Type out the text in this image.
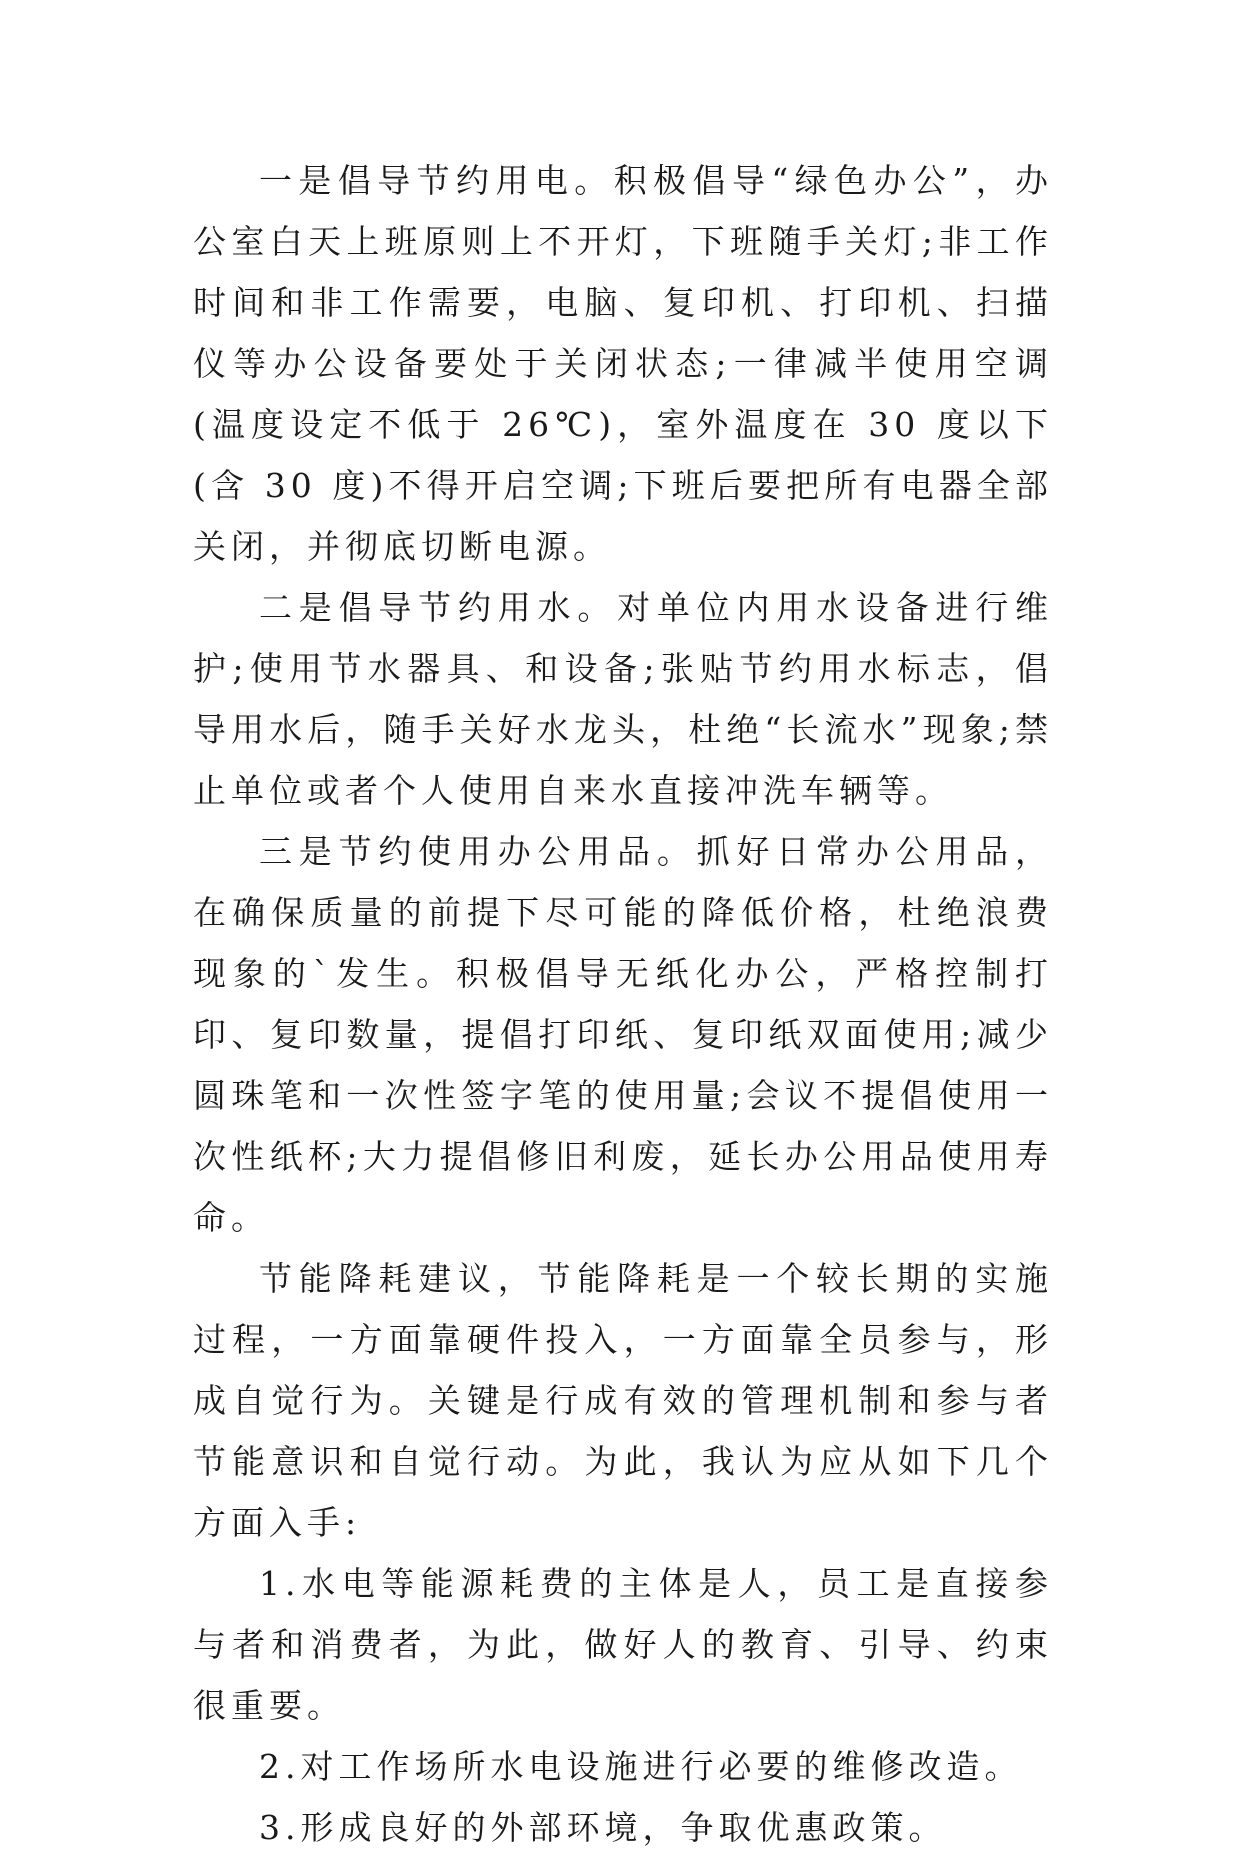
一是倡导节约用电。积极倡导“绿色办公”，办公室白天上班原则上不开灯，下班随手关灯;非工作时间和非工作需要，电脑、复印机、打印机、扫描仪等办公设备要处于关闭状态;一律减半使用空调(温度设定不低于 26℃)，室外温度在 30 度以下(含 30 度)不得开启空调;下班后要把所有电器全部关闭，并彻底切断电源。

二是倡导节约用水。对单位内用水设备进行维护;使用节水器具、和设备;张贴节约用水标志，倡导用水后，随手关好水龙头，杜绝“长流水”现象;禁止单位或者个人使用自来水直接冲洗车辆等。

三是节约使用办公用品。抓好日常办公用品，在确保质量的前提下尽可能的降低价格，杜绝浪费现象的`发生。积极倡导无纸化办公，严格控制打印、复印数量，提倡打印纸、复印纸双面使用;减少圆珠笔和一次性签字笔的使用量;会议不提倡使用一次性纸杯;大力提倡修旧利废，延长办公用品使用寿命。

节能降耗建议，节能降耗是一个较长期的实施过程，一方面靠硬件投入，一方面靠全员参与，形成自觉行为。关键是行成有效的管理机制和参与者节能意识和自觉行动。为此，我认为应从如下几个方面入手:

1.水电等能源耗费的主体是人，员工是直接参与者和消费者，为此，做好人的教育、引导、约束很重要。

2.对工作场所水电设施进行必要的维修改造。

3.形成良好的外部环境，争取优惠政策。
